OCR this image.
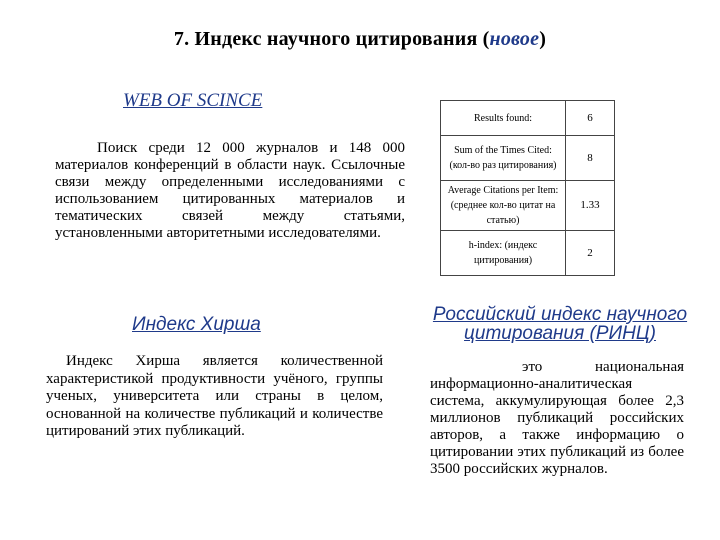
7. Индекс научного цитирования (новое)
WEB OF SCINCE
Поиск среди 12 000 журналов и 148 000 материалов конференций в области наук. Ссылочные связи между определенными исследованиями с использованием цитированных материалов и тематических связей между статьями, установленными авторитетными исследователями.
Results found:	6
Sum of the Times Cited: (кол-во раз цитирования)	8
Average Citations per Item: (среднее кол-во цитат на статью)	1.33
h-index: (индекс цитирования)	2
Индекс Хирша
Индекс Хирша является количественной характеристикой продуктивности учёного, группы ученых, университета или страны в целом, основанной на количестве публикаций и количестве цитирований этих публикаций.
Российский индекс научного цитирования (РИНЦ)
это национальная информационно-аналитическая система, аккумулирующая более 2,3 миллионов публикаций российских авторов, а также информацию о цитировании этих публикаций из более 3500 российских журналов.
